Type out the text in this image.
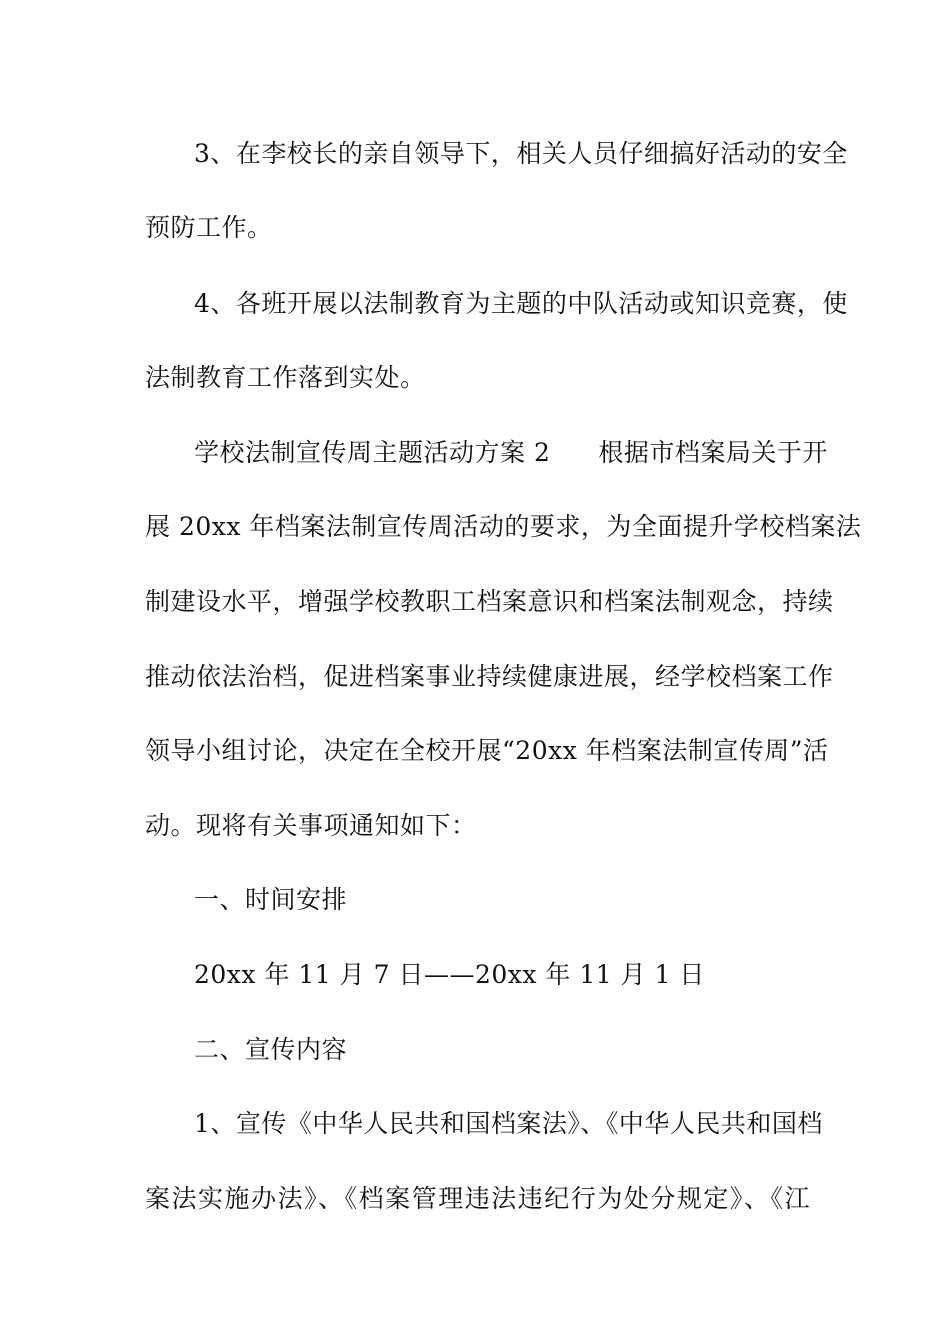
3、在李校长的亲自领导下，相关人员仔细搞好活动的安全
预防工作。
4、各班开展以法制教育为主题的中队活动或知识竞赛，使
法制教育工作落到实处。
学校法制宣传周主题活动方案 2 根据市档案局关于开
展 20xx 年档案法制宣传周活动的要求，为全面提升学校档案法
制建设水平，增强学校教职工档案意识和档案法制观念，持续
推动依法治档，促进档案事业持续健康进展，经学校档案工作
领导小组讨论，决定在全校开展“20xx 年档案法制宣传周”活
动。现将有关事项通知如下：
一、时间安排
20xx 年 11 月 7 日——20xx 年 11 月 1 日
二、宣传内容
1、宣传《中华人民共和国档案法》、《中华人民共和国档
案法实施办法》、《档案管理违法违纪行为处分规定》、《江
